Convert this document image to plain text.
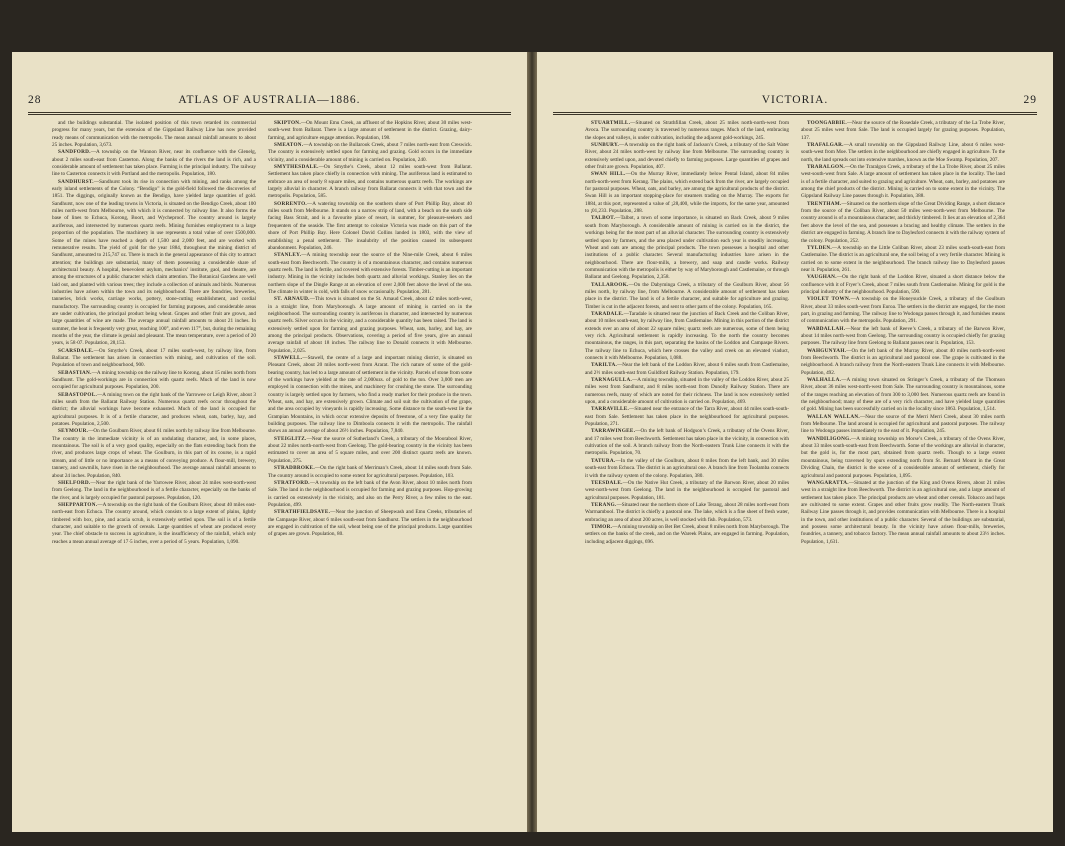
ATLAS OF AUSTRALIA—1886.
28

and the buildings substantial. The isolated position of this town retarded its commercial progress for many years, but the extension of the Gippsland Railway Line has now provided ready means of communication with the metropolis. The mean annual rainfall amounts to about 25 inches. Population, 3,673.

SANDFORD.—A township on the Wannon River, near its confluence with the Glenelg, about 2 miles south-east from Casterton. Along the banks of the rivers the land is rich, and a considerable amount of settlement has taken place. Farming is the principal industry. The railway line to Casterton connects it with Portland and the metropolis. Population, 180.

SANDHURST.—Sandhurst took its rise in connection with mining, and ranks among the early inland settlements of the Colony. “Bendigo” is the gold-field followed the discoveries of 1851. The diggings, originally known as the Bendigo, have yielded large quantities of gold. Sandhurst, now one of the leading towns in Victoria, is situated on the Bendigo Creek, about 100 miles north-west from Melbourne, with which it is connected by railway line. It also forms the base of lines to Echuca, Korong, Boort, and Wycheproof. The country around is largely auriferous, and intersected by numerous quartz reefs. Mining furnishes employment to a large proportion of the population. The machinery in use represents a total value of over £500,000. Some of the mines have reached a depth of 1,500 and 2,000 feet, and are worked with remunerative results. The yield of gold for the year 1884, throughout the mining district of Sandhurst, amounted to 215,747 oz. There is much in the general appearance of this city to attract attention; the buildings are substantial, many of them possessing a considerable share of architectural beauty. A hospital, benevolent asylum, mechanics’ institute, gaol, and theatre, are among the structures of a public character which claim attention. The Botanical Gardens are well laid out, and planted with various trees; they include a collection of animals and birds. Numerous industries have arisen within the town and its neighbourhood. There are foundries, breweries, tanneries, brick works, carriage works, pottery, stone-cutting establishment, and cordial manufactory. The surrounding country is occupied for farming purposes, and considerable areas are under cultivation, the principal product being wheat. Grapes and other fruit are grown, and large quantities of wine are made. The average annual rainfall amounts to about 21 inches. In summer, the heat is frequently very great, reaching 100°, and even 117°, but, during the remaining months of the year, the climate is genial and pleasant. The mean temperature, over a period of 20 years, is 58·07. Population, 28,153.

SCARSDALE.—On Smythe’s Creek, about 17 miles south-west, by railway line, from Ballarat. The settlement has arisen in connection with mining, and cultivation of the soil. Population of town and neighbourhood, 900.

SEBASTIAN.—A mining township on the railway line to Korong, about 15 miles north from Sandhurst. The gold-workings are in connection with quartz reefs. Much of the land is now occupied for agricultural purposes. Population, 200.

SEBASTOPOL.—A mining town on the right bank of the Yarrowee or Leigh River, about 3 miles south from the Ballarat Railway Station. Numerous quartz reefs occur throughout the district; the alluvial workings have become exhausted. Much of the land is occupied for agricultural purposes. It is of a fertile character, and produces wheat, oats, barley, hay, and potatoes. Population, 2,500.

SEYMOUR.—On the Goulburn River, about 61 miles north by railway line from Melbourne. The country in the immediate vicinity is of an undulating character, and, in some places, mountainous. The soil is of a very good quality, especially on the flats extending back from the river, and produces large crops of wheat. The Goulburn, in this part of its course, is a rapid stream, and of little or no importance as a means of conveying produce. A flour-mill, brewery, tannery, and sawmills, have risen in the neighbourhood. The average annual rainfall amounts to about 24 inches. Population, 840.

SHELFORD.—Near the right bank of the Yarrowee River, about 24 miles west-north-west from Geelong. The land in the neighbourhood is of a fertile character, especially on the banks of the river, and is largely occupied for pastoral purposes. Population, 120.

SHEPPARTON.—A township on the right bank of the Goulburn River, about 40 miles east-north-east from Echuca. The country around, which consists to a large extent of plains, lightly timbered with box, pine, and acacia scrub, is extensively settled upon. The soil is of a fertile character, and suitable to the growth of cereals. Large quantities of wheat are produced every year. The chief obstacle to success in agriculture, is the insufficiency of the rainfall, which only reaches a mean annual average of 17·5 inches, over a period of 5 years. Population, 1,090.

SKIPTON.—On Mount Emu Creek, an affluent of the Hopkins River, about 30 miles west-south-west from Ballarat. There is a large amount of settlement in the district. Grazing, dairy-farming, and agriculture engage attention. Population, 198.

SMEATON.—A township on the Bullarook Creek, about 7 miles north-east from Creswick. The country is extensively settled upon for farming and grazing. Gold occurs in the immediate vicinity, and a considerable amount of mining is carried on. Population, 240.

SMYTHESDALE.—On Smythe’s Creek, about 12 miles south-west from Ballarat. Settlement has taken place chiefly in connection with mining. The auriferous land is estimated to embrace an area of nearly 8 square miles, and contains numerous quartz reefs. The workings are largely alluvial in character. A branch railway from Ballarat connects it with that town and the metropolis. Population, 585.

SORRENTO.—A watering township on the southern shore of Port Phillip Bay, about 40 miles south from Melbourne. It stands on a narrow strip of land, with a beach on the south side facing Bass Strait, and is a favourite place of resort, in summer, for pleasure-seekers and frequenters of the seaside. The first attempt to colonize Victoria was made on this part of the shore of Port Phillip Bay. Here Colonel David Collins landed in 1803, with the view of establishing a penal settlement. The insalubrity of the position caused its subsequent abandonment. Population, 246.

STANLEY.—A mining township near the source of the Nine-mile Creek, about 6 miles south-east from Beechworth. The country is of a mountainous character, and contains numerous quartz reefs. The land is fertile, and covered with extensive forests. Timber-cutting is an important industry. Mining in the vicinity includes both quartz and alluvial workings. Stanley lies on the northern slope of the Dingle Range at an elevation of over 2,000 feet above the level of the sea. The climate in winter is cold, with falls of snow occasionally. Population, 281.

ST. ARNAUD.—This town is situated on the St. Arnaud Creek, about 42 miles north-west, in a straight line, from Maryborough. A large amount of mining is carried on in the neighbourhood. The surrounding country is auriferous in character, and intersected by numerous quartz reefs. Silver occurs in the vicinity, and a considerable quantity has been raised. The land is extensively settled upon for farming and grazing purposes. Wheat, oats, barley, and hay, are among the principal products. Observations, covering a period of five years, give an annual average rainfall of about 18 inches. The railway line to Donald connects it with Melbourne. Population, 2,025.

STAWELL.—Stawell, the centre of a large and important mining district, is situated on Pleasant Creek, about 20 miles north-west from Ararat. The rich nature of some of the gold-bearing country, has led to a large amount of settlement in the vicinity. Parcels of stone from some of the workings have yielded at the rate of 2,000ozs. of gold to the ton. Over 3,000 men are employed in connection with the mines, and machinery for crushing the stone. The surrounding country is largely settled upon by farmers, who find a ready market for their produce in the town. Wheat, oats, and hay, are extensively grown. Climate and soil suit the cultivation of the grape, and the area occupied by vineyards is rapidly increasing. Some distance to the south-west lie the Grampian Mountains, in which occur extensive deposits of freestone, of a very fine quality for building purposes. The railway line to Dimboola connects it with the metropolis. The rainfall shows an annual average of about 26½ inches. Population, 7,840.

STEIGLITZ.—Near the source of Sutherland’s Creek, a tributary of the Moorabool River, about 22 miles north-north-west from Geelong. The gold-bearing country in the vicinity has been estimated to cover an area of 5 square miles, and over 200 distinct quartz reefs are known. Population, 275.

STRADBROKE.—On the right bank of Merriman’s Creek, about 14 miles south from Sale. The country around is occupied to some extent for agricultural purposes. Population, 103.

STRATFORD.—A township on the left bank of the Avon River, about 10 miles north from Sale. The land in the neighbourhood is occupied for farming and grazing purposes. Hop-growing is carried on extensively in the vicinity, and also on the Perry River, a few miles to the east. Population, 499.

STRATHFIELDSAYE.—Near the junction of Sheepwash and Emu Creeks, tributaries of the Campaspe River, about 6 miles south-east from Sandhurst. The settlers in the neighbourhood are engaged in cultivation of the soil, wheat being one of the principal products. Large quantities of grapes are grown. Population, 80.

VICTORIA.	29

STUARTMILL.—Situated on Strathfillan Creek, about 25 miles north-north-west from Avoca. The surrounding country is traversed by numerous ranges. Much of the land, embracing the slopes and valleys, is under cultivation, including the adjacent gold-workings, 245.

SUNBURY.—A township on the right bank of Jackson’s Creek, a tributary of the Salt Water River, about 24 miles north-west by railway line from Melbourne. The surrounding country is extensively settled upon, and devoted chiefly to farming purposes. Large quantities of grapes and other fruit are grown. Population, 407.

SWAN HILL.—On the Murray River, immediately below Pental Island, about 84 miles north-north-west from Kerang. The plains, which extend back from the river, are largely occupied for pastoral purposes. Wheat, oats, and barley, are among the agricultural products of the district. Swan Hill is an important stopping-place for steamers trading on the Murray. The exports for 1884, at this port, represented a value of ¡28,400, while the imports, for the same year, amounted to ¡01,233. Population, 288.

TALBOT.—Talbot, a town of some importance, is situated on Back Creek, about 9 miles south from Maryborough. A considerable amount of mining is carried on in the district, the workings being for the most part of an alluvial character. The surrounding country is extensively settled upon by farmers, and the area placed under cultivation each year is steadily increasing. Wheat and oats are among the principal products. The town possesses a hospital and other institutions of a public character. Several manufacturing industries have arisen in the neighbourhood. There are flour-mills, a brewery, and soap and candle works. Railway communication with the metropolis is either by way of Maryborough and Castlemaine, or through Ballarat and Geelong. Population, 2,358.

TALLAROOK.—On the Dabyminga Creek, a tributary of the Goulburn River, about 56 miles north, by railway line, from Melbourne. A considerable amount of settlement has taken place in the district. The land is of a fertile character, and suitable for agriculture and grazing. Timber is cut in the adjacent forests, and sent to other parts of the colony. Population, 165.

TARADALE.—Taradale is situated near the junction of Back Creek and the Coliban River, about 10 miles south-east, by railway line, from Castlemaine. Mining in this portion of the district extends over an area of about 22 square miles; quartz reefs are numerous, some of them being very rich. Agricultural settlement is rapidly increasing. To the north the country becomes mountainous, the ranges, in this part, separating the basins of the Loddon and Campaspe Rivers. The railway line to Echuca, which here crosses the valley and creek on an elevated viaduct, connects it with Melbourne. Population, 1,088.

TARILTA.—Near the left bank of the Loddon River, about 6 miles south from Castlemaine, and 2½ miles south-east from Guildford Railway Station. Population, 179.

TARNAGULLA.—A mining township, situated in the valley of the Loddon River, about 25 miles west from Sandhurst, and 8 miles north-east from Dunolly Railway Station. There are numerous reefs, many of which are noted for their richness. The land is now extensively settled upon, and a considerable amount of cultivation is carried on. Population, 469.

TARRAVILLE.—Situated near the entrance of the Tarra River, about 44 miles south-south-east from Sale. Settlement has taken place in the neighbourhood for agricultural purposes. Population, 271.

TARRAWINGEE.—On the left bank of Hodgson’s Creek, a tributary of the Ovens River, and 17 miles west from Beechworth. Settlement has taken place in the vicinity, in connection with cultivation of the soil. A branch railway from the North-eastern Trunk Line connects it with the metropolis. Population, 70.

TATURA.—In the valley of the Goulburn, about 8 miles from the left bank, and 30 miles south-east from Echuca. The district is an agricultural one. A branch line from Toolamba connects it with the railway system of the colony. Population, 380.

TEESDALE.—On the Native Hut Creek, a tributary of the Barwon River, about 20 miles west-north-west from Geelong. The land in the neighbourhood is occupied for pastoral and agricultural purposes. Population, 181.

TERANG.—Situated near the northern shore of Lake Terang, about 28 miles north-east from Warrnambool. The district is chiefly a pastoral one. The lake, which is a fine sheet of fresh water, embracing an area of about 200 acres, is well stocked with fish. Population, 573.

TIMOR.—A mining township on Bet Bet Creek, about 8 miles north from Maryborough. The settlers on the banks of the creek, and on the Wareek Plains, are engaged in farming. Population, including adjacent diggings, 696.

TOONGABBIE.—Near the source of the Rosedale Creek, a tributary of the La Trobe River, about 25 miles west from Sale. The land is occupied largely for grazing purposes. Population, 137.

TRAFALGAR.—A small township on the Gippsland Railway Line, about 6 miles west-south-west from Moe. The settlers in the neighbourhood are chiefly engaged in agriculture. To the north, the land spreads out into extensive marshes, known as the Moe Swamp. Population, 207.

TRARALGON.—On the Traralgon Creek, a tributary of the La Trobe River, about 25 miles west-south-west from Sale. A large amount of settlement has taken place in the locality. The land is of a fertile character, and suited to grazing and agriculture. Wheat, oats, barley, and potatoes are among the chief products of the district. Mining is carried on to some extent in the vicinity. The Gippsland Railway Line passes through it. Population, 388.

TRENTHAM.—Situated on the northern slope of the Great Dividing Range, a short distance from the source of the Coliban River, about 50 miles west-north-west from Melbourne. The country around is of a mountainous character, and thickly timbered. It lies at an elevation of 2,364 feet above the level of the sea, and possesses a bracing and healthy climate. The settlers in the district are engaged in farming. A branch line to Daylesford connects it with the railway system of the colony. Population, 252.

TYLDEN.—A township on the Little Coliban River, about 23 miles south-south-east from Castlemaine. The district is an agricultural one, the soil being of a very fertile character. Mining is carried on to some extent in the neighbourhood. The branch railway line to Daylesford passes near it. Population, 261.

VAUGHAN.—On the right bank of the Loddon River, situated a short distance below the confluence with it of Fryer’s Creek, about 7 miles south from Castlemaine. Mining for gold is the principal industry of the neighbourhood. Population, 590.

VIOLET TOWN.—A township on the Honeysuckle Creek, a tributary of the Goulburn River, about 33 miles south-west from Euroa. The settlers in the district are engaged, for the most part, in grazing and farming. The railway line to Wodonga passes through it, and furnishes means of communication with the metropolis. Population, 291.

WABDALLAH.—Near the left bank of Reeve’s Creek, a tributary of the Barwon River, about 14 miles north-west from Geelong. The surrounding country is occupied chiefly for grazing purposes. The railway line from Geelong to Ballarat passes near it. Population, 153.

WAHGUNYAH.—On the left bank of the Murray River, about 40 miles north-north-west from Beechworth. The district is an agricultural and pastoral one. The grape is cultivated in the neighbourhood. A branch railway from the North-eastern Trunk Line connects it with Melbourne. Population, 492.

WALHALLA.—A mining town situated on Stringer’s Creek, a tributary of the Thomson River, about 36 miles west-north-west from Sale. The surrounding country is mountainous, some of the ranges reaching an elevation of from 300 to 3,000 feet. Numerous quartz reefs are found in the neighbourhood; many of these are of a very rich character, and have yielded large quantities of gold. Mining has been successfully carried on in the locality since 1863. Population, 1,514.

WALLAN WALLAN.—Near the source of the Merri Merri Creek, about 30 miles north from Melbourne. The land around is occupied for agricultural and pastoral purposes. The railway line to Wodonga passes immediately to the east of it. Population, 245.

WANDILIGONG.—A mining township on Morse’s Creek, a tributary of the Ovens River, about 33 miles south-south-east from Beechworth. Some of the workings are alluvial in character, but the gold is, for the most part, obtained from quartz reefs. Though to a large extent mountainous, being traversed by spurs extending north from St. Bernard Mount in the Great Dividing Chain, the district is the scene of a considerable amount of settlement, chiefly for agricultural and pastoral purposes. Population, 1,095.

WANGARATTA.—Situated at the junction of the King and Ovens Rivers, about 21 miles west in a straight line from Beechworth. The district is an agricultural one, and a large amount of settlement has taken place. The principal products are wheat and other cereals. Tobacco and hops are cultivated to some extent. Grapes and other fruits grow readily. The North-eastern Trunk Railway Line passes through it, and provides communication with Melbourne. There is a hospital in the town, and other institutions of a public character. Several of the buildings are substantial, and possess some architectural beauty. In the vicinity have arisen flour-mills, breweries, foundries, a tannery, and tobacco factory. The mean annual rainfall amounts to about 23½ inches. Population, 1,631.
